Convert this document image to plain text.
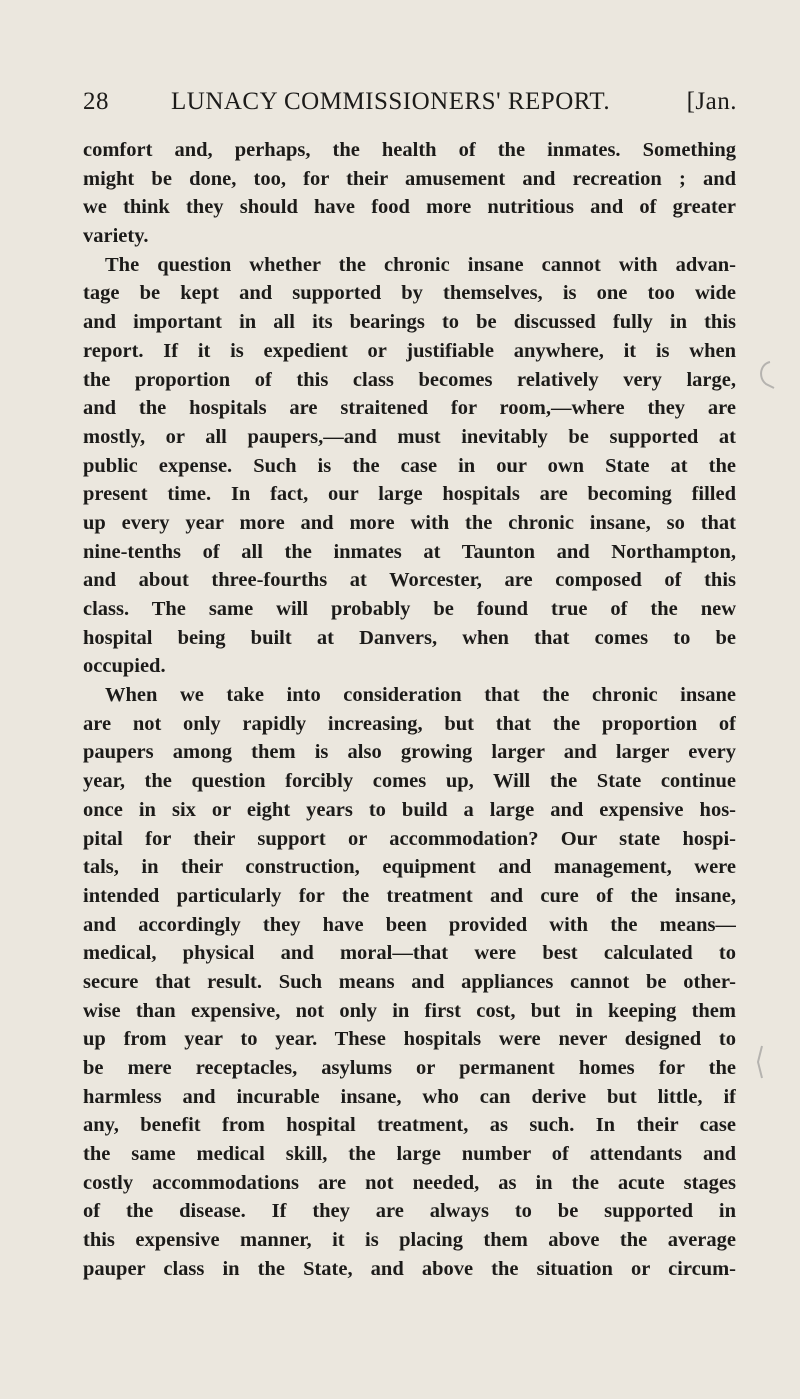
28 LUNACY COMMISSIONERS' REPORT.	[Jan.
comfort and, perhaps, the health of the inmates. Something
might be done, too, for their amusement and recreation ; and
we think they should have food more nutritious and of greater
variety.
The question whether the chronic insane cannot with advan-
tage be kept and supported by themselves, is one too wide
and important in all its bearings to be discussed fully in this
report. If it is expedient or justifiable anywhere, it is when
the proportion of this class becomes relatively very large,
and the hospitals are straitened for room,—where they are
mostly, or all paupers,—and must inevitably be supported at
public expense. Such is the case in our own State at the
present time. In fact, our large hospitals are becoming filled
up every year more and more with the chronic insane, so that
nine-tenths of all the inmates at Taunton and Northampton,
and about three-fourths at Worcester, are composed of this
class. The same will probably be found true of the new
hospital being built at Danvers, when that comes to be
occupied.
When we take into consideration that the chronic insane
are not only rapidly increasing, but that the proportion of
paupers among them is also growing larger and larger every
year, the question forcibly comes up, Will the State continue
once in six or eight years to build a large and expensive hos-
pital for their support or accommodation? Our state hospi-
tals, in their construction, equipment and management, were
intended particularly for the treatment and cure of the insane,
and accordingly they have been provided with the means—
medical, physical and moral—that were best calculated to
secure that result. Such means and appliances cannot be other-
wise than expensive, not only in first cost, but in keeping them
up from year to year. These hospitals were never designed to
be mere receptacles, asylums or permanent homes for the
harmless and incurable insane, who can derive but little, if
any, benefit from hospital treatment, as such. In their case
the same medical skill, the large number of attendants and
costly accommodations are not needed, as in the acute stages
of the disease. If they are always to be supported in
this expensive manner, it is placing them above the average
pauper class in the State, and above the situation or circum-
